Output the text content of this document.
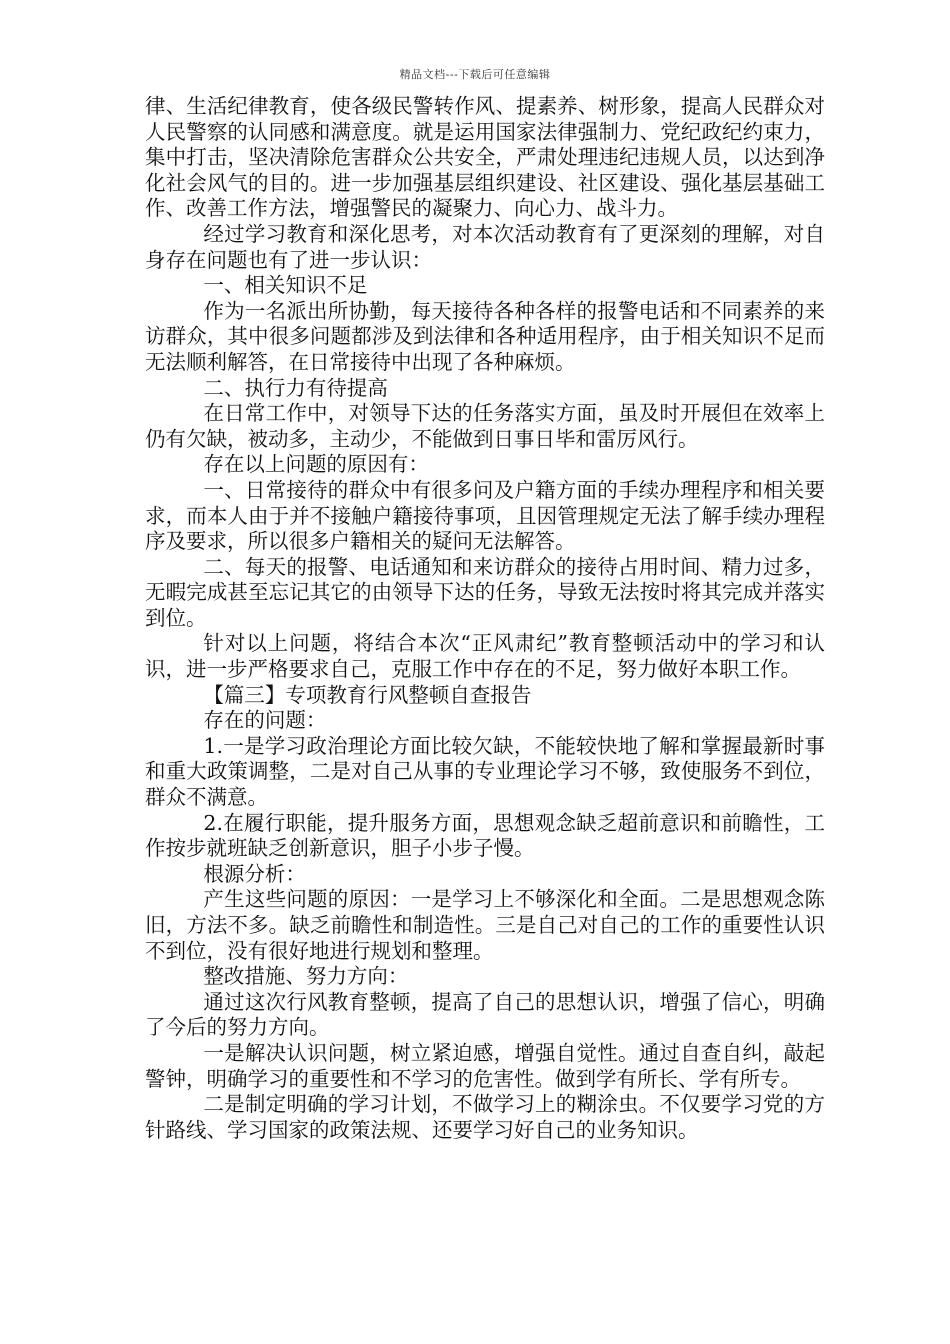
精品文档---下载后可任意编辑

律、生活纪律教育，使各级民警转作风、提素养、树形象，提高人民群众对人民警察的认同感和满意度。就是运用国家法律强制力、党纪政纪约束力，集中打击，坚决清除危害群众公共安全，严肃处理违纪违规人员，以达到净化社会风气的目的。进一步加强基层组织建设、社区建设、强化基层基础工作、改善工作方法，增强警民的凝聚力、向心力、战斗力。

经过学习教育和深化思考，对本次活动教育有了更深刻的理解，对自身存在问题也有了进一步认识：

一、相关知识不足

作为一名派出所协勤，每天接待各种各样的报警电话和不同素养的来访群众，其中很多问题都涉及到法律和各种适用程序，由于相关知识不足而无法顺利解答，在日常接待中出现了各种麻烦。

二、执行力有待提高

在日常工作中，对领导下达的任务落实方面，虽及时开展但在效率上仍有欠缺，被动多，主动少，不能做到日事日毕和雷厉风行。

存在以上问题的原因有：

一、日常接待的群众中有很多问及户籍方面的手续办理程序和相关要求，而本人由于并不接触户籍接待事项，且因管理规定无法了解手续办理程序及要求，所以很多户籍相关的疑问无法解答。

二、每天的报警、电话通知和来访群众的接待占用时间、精力过多，无暇完成甚至忘记其它的由领导下达的任务，导致无法按时将其完成并落实到位。

针对以上问题，将结合本次“正风肃纪”教育整顿活动中的学习和认识，进一步严格要求自己，克服工作中存在的不足，努力做好本职工作。

【篇三】专项教育行风整顿自查报告

存在的问题：

1.一是学习政治理论方面比较欠缺，不能较快地了解和掌握最新时事和重大政策调整，二是对自己从事的专业理论学习不够，致使服务不到位，群众不满意。

2.在履行职能，提升服务方面，思想观念缺乏超前意识和前瞻性，工作按步就班缺乏创新意识，胆子小步子慢。

根源分析：

产生这些问题的原因：一是学习上不够深化和全面。二是思想观念陈旧，方法不多。缺乏前瞻性和制造性。三是自己对自己的工作的重要性认识不到位，没有很好地进行规划和整理。

整改措施、努力方向：

通过这次行风教育整顿，提高了自己的思想认识，增强了信心，明确了今后的努力方向。

一是解决认识问题，树立紧迫感，增强自觉性。通过自查自纠，敲起警钟，明确学习的重要性和不学习的危害性。做到学有所长、学有所专。

二是制定明确的学习计划，不做学习上的糊涂虫。不仅要学习党的方针路线、学习国家的政策法规、还要学习好自己的业务知识。
